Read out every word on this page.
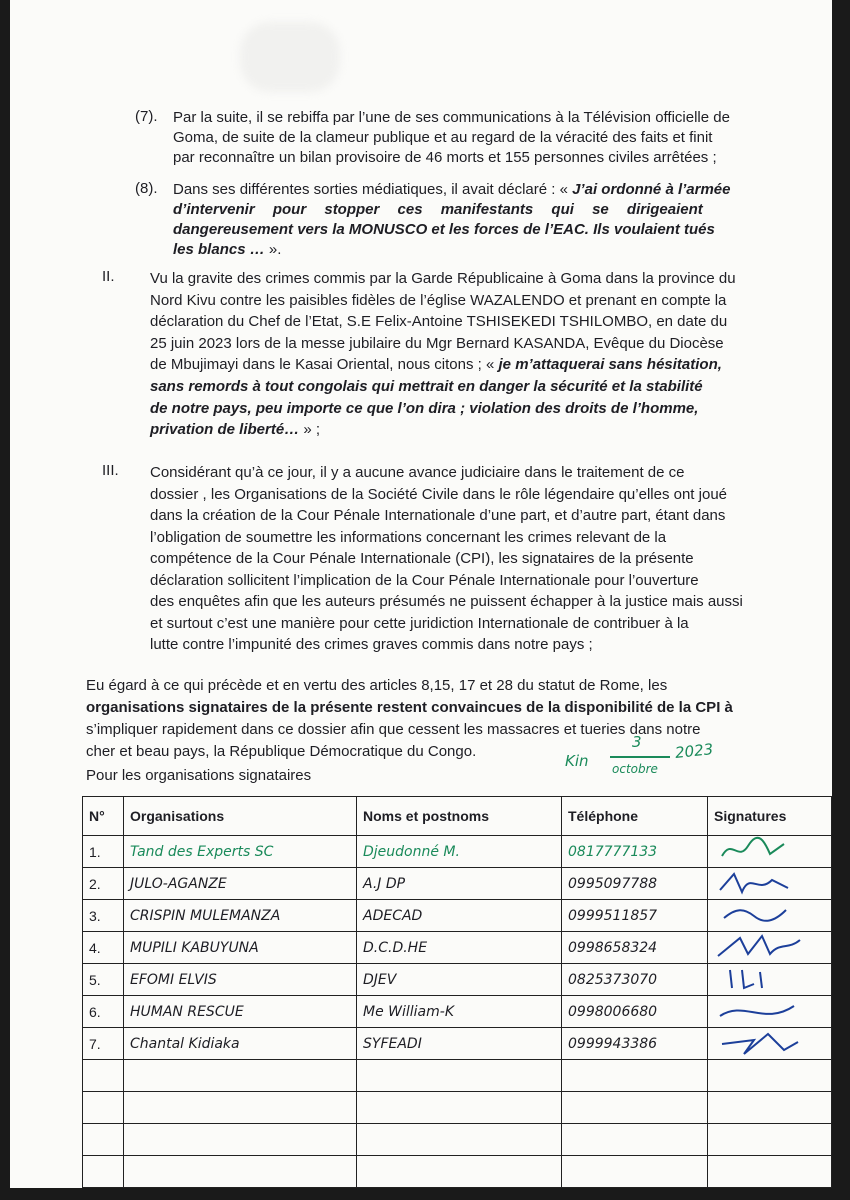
(7). Par la suite, il se rebiffa par l’une de ses communications à la Télévision officielle de
Goma, de suite de la clameur publique et au regard de la véracité des faits et finit
par reconnaître un bilan provisoire de 46 morts et 155 personnes civiles arrêtées ;
(8). Dans ses différentes sorties médiatiques, il avait déclaré : « J’ai ordonné à l’armée
d’intervenir pour stopper ces manifestants qui se dirigeaient
dangereusement vers la MONUSCO et les forces de l’EAC. Ils voulaient tués
les blancs … ».
II. Vu la gravite des crimes commis par la Garde Républicaine à Goma dans la province du
Nord Kivu contre les paisibles fidèles de l’église WAZALENDO et prenant en compte la
déclaration du Chef de l’Etat, S.E Felix-Antoine TSHISEKEDI TSHILOMBO, en date du
25 juin 2023 lors de la messe jubilaire du Mgr Bernard KASANDA, Evêque du Diocèse
de Mbujimayi dans le Kasai Oriental, nous citons ; « je m’attaquerai sans hésitation,
sans remords à tout congolais qui mettrait en danger la sécurité et la stabilité
de notre pays, peu importe ce que l’on dira ; violation des droits de l’homme,
privation de liberté… » ;
III. Considérant qu’à ce jour, il y a aucune avance judiciaire dans le traitement de ce
dossier , les Organisations de la Société Civile dans le rôle légendaire qu’elles ont joué
dans la création de la Cour Pénale Internationale d’une part, et d’autre part, étant dans
l’obligation de soumettre les informations concernant les crimes relevant de la
compétence de la Cour Pénale Internationale (CPI), les signataires de la présente
déclaration sollicitent l’implication de la Cour Pénale Internationale pour l’ouverture
des enquêtes afin que les auteurs présumés ne puissent échapper à la justice mais aussi
et surtout c’est une manière pour cette juridiction Internationale de contribuer à la
lutte contre l’impunité des crimes graves commis dans notre pays ;
Eu égard à ce qui précède et en vertu des articles 8,15, 17 et 28 du statut de Rome, les
organisations signataires de la présente restent convaincues de la disponibilité de la CPI à
s’impliquer rapidement dans ce dossier afin que cessent les massacres et tueries dans notre
cher et beau pays, la République Démocratique du Congo.
Kin
3
octobre
2023
Pour les organisations signataires
N°	Organisations	Noms et postnoms	Téléphone	Signatures
1.	Tand des Experts SC	Djeudonné M.	0817777133	
2.	JULO-AGANZE	A.J DP	0995097788	
3.	CRISPIN MULEMANZA	ADECAD	0999511857	
4.	MUPILI KABUYUNA	D.C.D.HE	0998658324	
5.	EFOMI ELVIS	DJEV	0825373070	
6.	HUMAN RESCUE	Me William-K	0998006680	
7.	Chantal Kidiaka	SYFEADI	0999943386	
